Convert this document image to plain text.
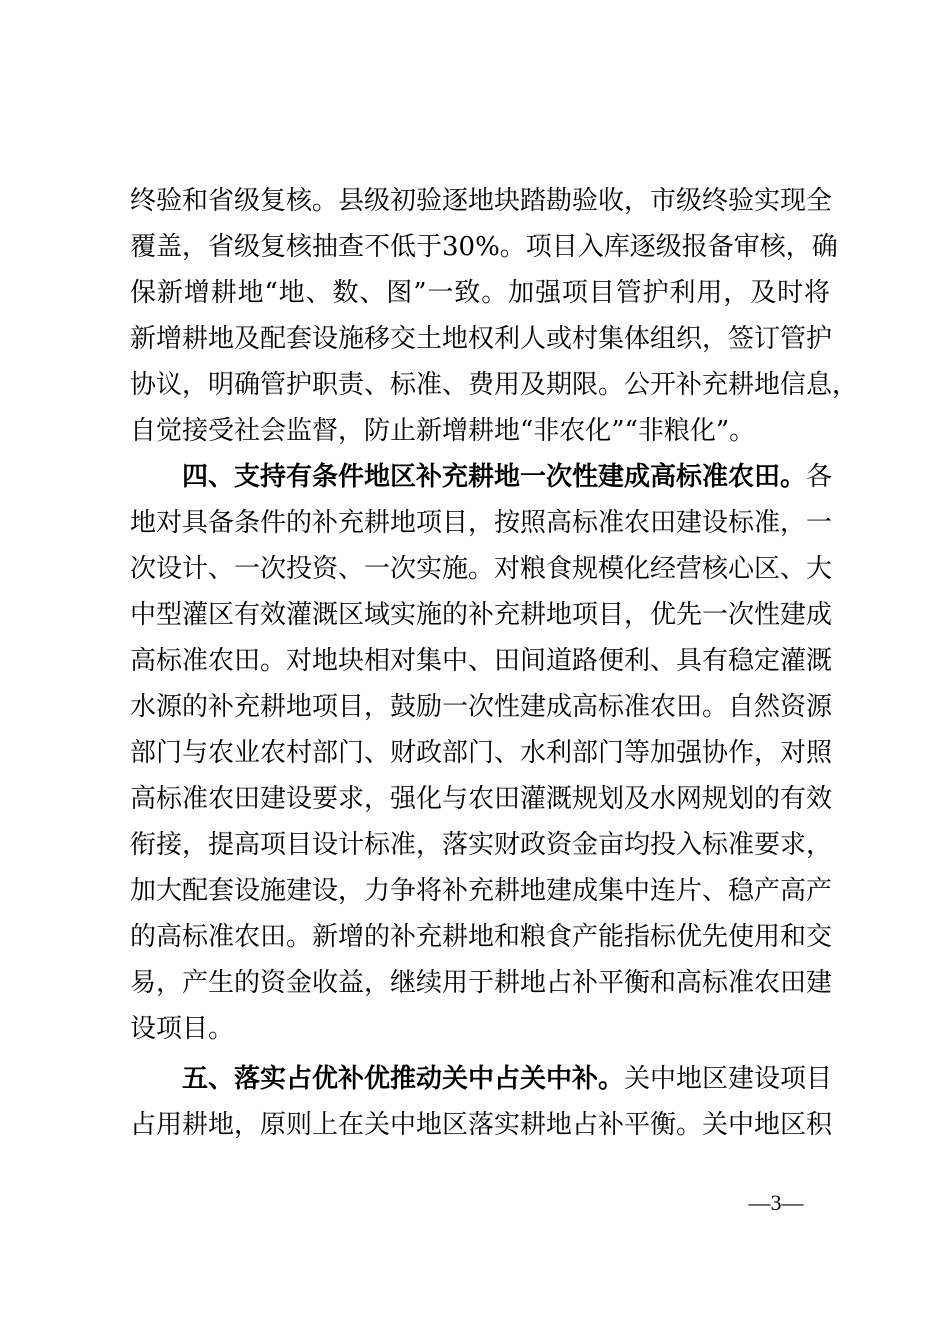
终验和省级复核。县级初验逐地块踏勘验收，市级终验实现全
覆盖，省级复核抽查不低于30%。项目入库逐级报备审核，确
保新增耕地“地、数、图”一致。加强项目管护利用，及时将
新增耕地及配套设施移交土地权利人或村集体组织，签订管护
协议，明确管护职责、标准、费用及期限。公开补充耕地信息，
自觉接受社会监督，防止新增耕地“非农化”“非粮化”。
四、支持有条件地区补充耕地一次性建成高标准农田。各
地对具备条件的补充耕地项目，按照高标准农田建设标准，一
次设计、一次投资、一次实施。对粮食规模化经营核心区、大
中型灌区有效灌溉区域实施的补充耕地项目，优先一次性建成
高标准农田。对地块相对集中、田间道路便利、具有稳定灌溉
水源的补充耕地项目，鼓励一次性建成高标准农田。自然资源
部门与农业农村部门、财政部门、水利部门等加强协作，对照
高标准农田建设要求，强化与农田灌溉规划及水网规划的有效
衔接，提高项目设计标准，落实财政资金亩均投入标准要求，
加大配套设施建设，力争将补充耕地建成集中连片、稳产高产
的高标准农田。新增的补充耕地和粮食产能指标优先使用和交
易，产生的资金收益，继续用于耕地占补平衡和高标准农田建
设项目。
五、落实占优补优推动关中占关中补。关中地区建设项目
占用耕地，原则上在关中地区落实耕地占补平衡。关中地区积
—3—
